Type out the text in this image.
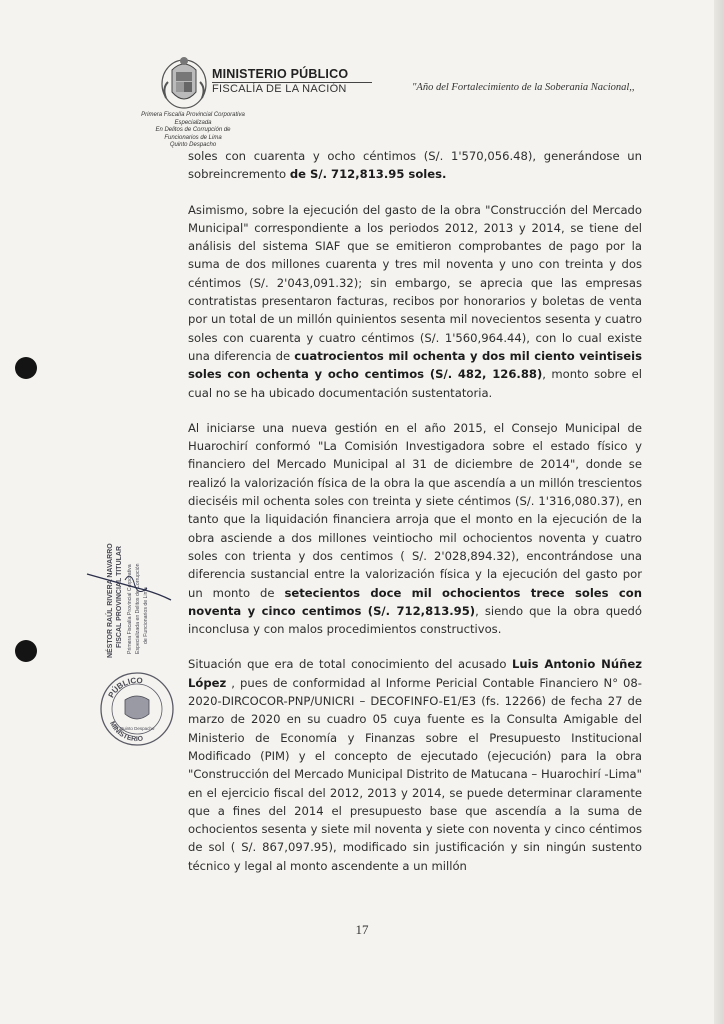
MINISTERIO PÚBLICO
FISCALÍA DE LA NACIÓN	"Año del Fortalecimiento de la Soberania Nacional,,
Primera Fiscalía Provincial Corporativa Especializada
En Delitos de Corrupción de Funcionarios de Lima
Quinto Despacho
NÉSTOR RAÚL RIVERA NAVARRO FISCAL PROVINCIAL TITULAR Primera Fiscalía Provincial Corporativa Especializada en Delitos de Corrupción de Funcionarios de Lima
PÚBLICO
MINISTERIO
Quinto Despacho

soles con cuarenta y ocho céntimos (S/. 1'570,056.48), generándose un sobreincremento de S/. 712,813.95 soles.

Asimismo, sobre la ejecución del gasto de la obra "Construcción del Mercado Municipal" correspondiente a los periodos 2012, 2013 y 2014, se tiene del análisis del sistema SIAF que se emitieron comprobantes de pago por la suma de dos millones cuarenta y tres mil noventa y uno con treinta y dos céntimos (S/. 2'043,091.32); sin embargo, se aprecia que las empresas contratistas presentaron facturas, recibos por honorarios y boletas de venta por un total de un millón quinientos sesenta mil novecientos sesenta y cuatro soles con cuarenta y cuatro céntimos (S/. 1'560,964.44), con lo cual existe una diferencia de cuatrocientos mil ochenta y dos mil ciento veintiseis soles con ochenta y ocho centimos (S/. 482, 126.88), monto sobre el cual no se ha ubicado documentación sustentatoria.

Al iniciarse una nueva gestión en el año 2015, el Consejo Municipal de Huarochirí conformó "La Comisión Investigadora sobre el estado físico y financiero del Mercado Municipal al 31 de diciembre de 2014", donde se realizó la valorización física de la obra la que ascendía a un millón trescientos dieciséis mil ochenta soles con treinta y siete céntimos (S/. 1'316,080.37), en tanto que la liquidación financiera arroja que el monto en la ejecución de la obra asciende a dos millones veintiocho mil ochocientos noventa y cuatro soles con trienta y dos centimos ( S/. 2'028,894.32), encontrándose una diferencia sustancial entre la valorización física y la ejecución del gasto por un monto de setecientos doce mil ochocientos trece soles con noventa y cinco centimos (S/. 712,813.95), siendo que la obra quedó inconclusa y con malos procedimientos constructivos.

Situación que era de total conocimiento del acusado Luis Antonio Núñez López , pues de conformidad al Informe Pericial Contable Financiero N° 08-2020-DIRCOCOR-PNP/UNICRI – DECOFINFO-E1/E3 (fs. 12266) de fecha 27 de marzo de 2020 en su cuadro 05 cuya fuente es la Consulta Amigable del Ministerio de Economía y Finanzas sobre el Presupuesto Institucional Modificado (PIM) y el concepto de ejecutado (ejecución) para la obra "Construcción del Mercado Municipal Distrito de Matucana – Huarochirí -Lima" en el ejercicio fiscal del 2012, 2013 y 2014, se puede determinar claramente que a fines del 2014 el presupuesto base que ascendía a la suma de ochocientos sesenta y siete mil noventa y siete con noventa y cinco céntimos de sol ( S/. 867,097.95), modificado sin justificación y sin ningún sustento técnico y legal al monto ascendente a un millón

17
